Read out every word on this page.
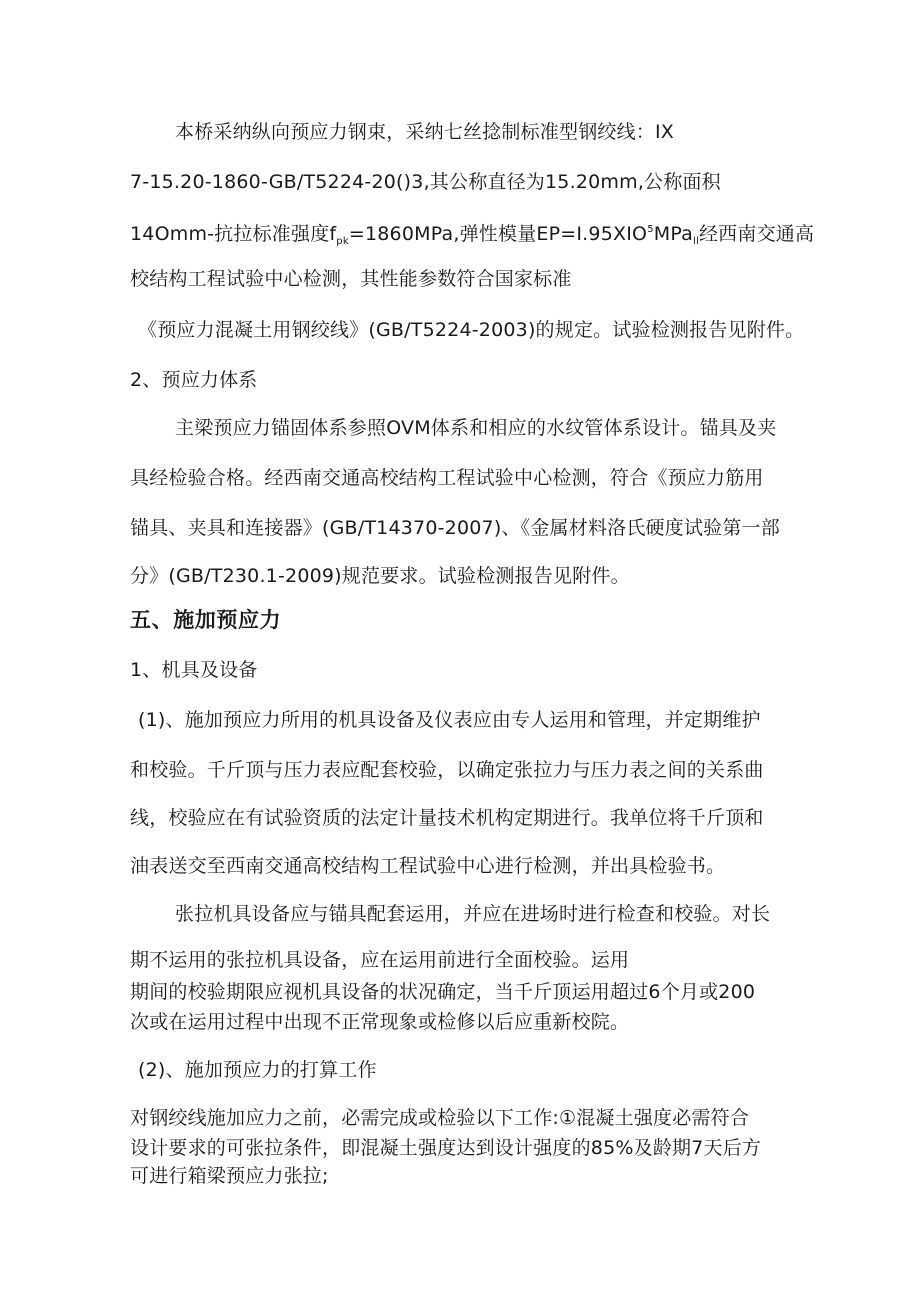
本桥采纳纵向预应力钢束，采纳七丝捻制标准型钢绞线：IX
7-15.20-1860-GB/T5224-20()3,其公称直径为15.20mm,公称面积
14Omm-抗拉标准强度$f_{pk}=1860MPa$,弹性模量$EP=I.95XIO^5MPa_{ll}$经西南交通高
校结构工程试验中心检测，其性能参数符合国家标准
《预应力混凝土用钢绞线》(GB/T5224-2003)的规定。试验检测报告见附件。
2、预应力体系
主梁预应力锚固体系参照OVM体系和相应的水纹管体系设计。锚具及夹
具经检验合格。经西南交通高校结构工程试验中心检测，符合《预应力筋用
锚具、夹具和连接器》(GB/T14370-2007)、《金属材料洛氏硬度试验第一部
分》(GB/T230.1-2009)规范要求。试验检测报告见附件。
五、施加预应力
1、机具及设备
(1)、施加预应力所用的机具设备及仪表应由专人运用和管理，并定期维护
和校验。千斤顶与压力表应配套校验，以确定张拉力与压力表之间的关系曲
线，校验应在有试验资质的法定计量技术机构定期进行。我单位将千斤顶和
油表送交至西南交通高校结构工程试验中心进行检测，并出具检验书。
张拉机具设备应与锚具配套运用，并应在进场时进行检查和校验。对长
期不运用的张拉机具设备，应在运用前进行全面校验。运用
期间的校验期限应视机具设备的状况确定，当千斤顶运用超过6个月或200
次或在运用过程中出现不正常现象或检修以后应重新校院。
(2)、施加预应力的打算工作
对钢绞线施加应力之前，必需完成或检验以下工作:①混凝土强度必需符合
设计要求的可张拉条件，即混凝土强度达到设计强度的85%及龄期7天后方
可进行箱梁预应力张拉;
